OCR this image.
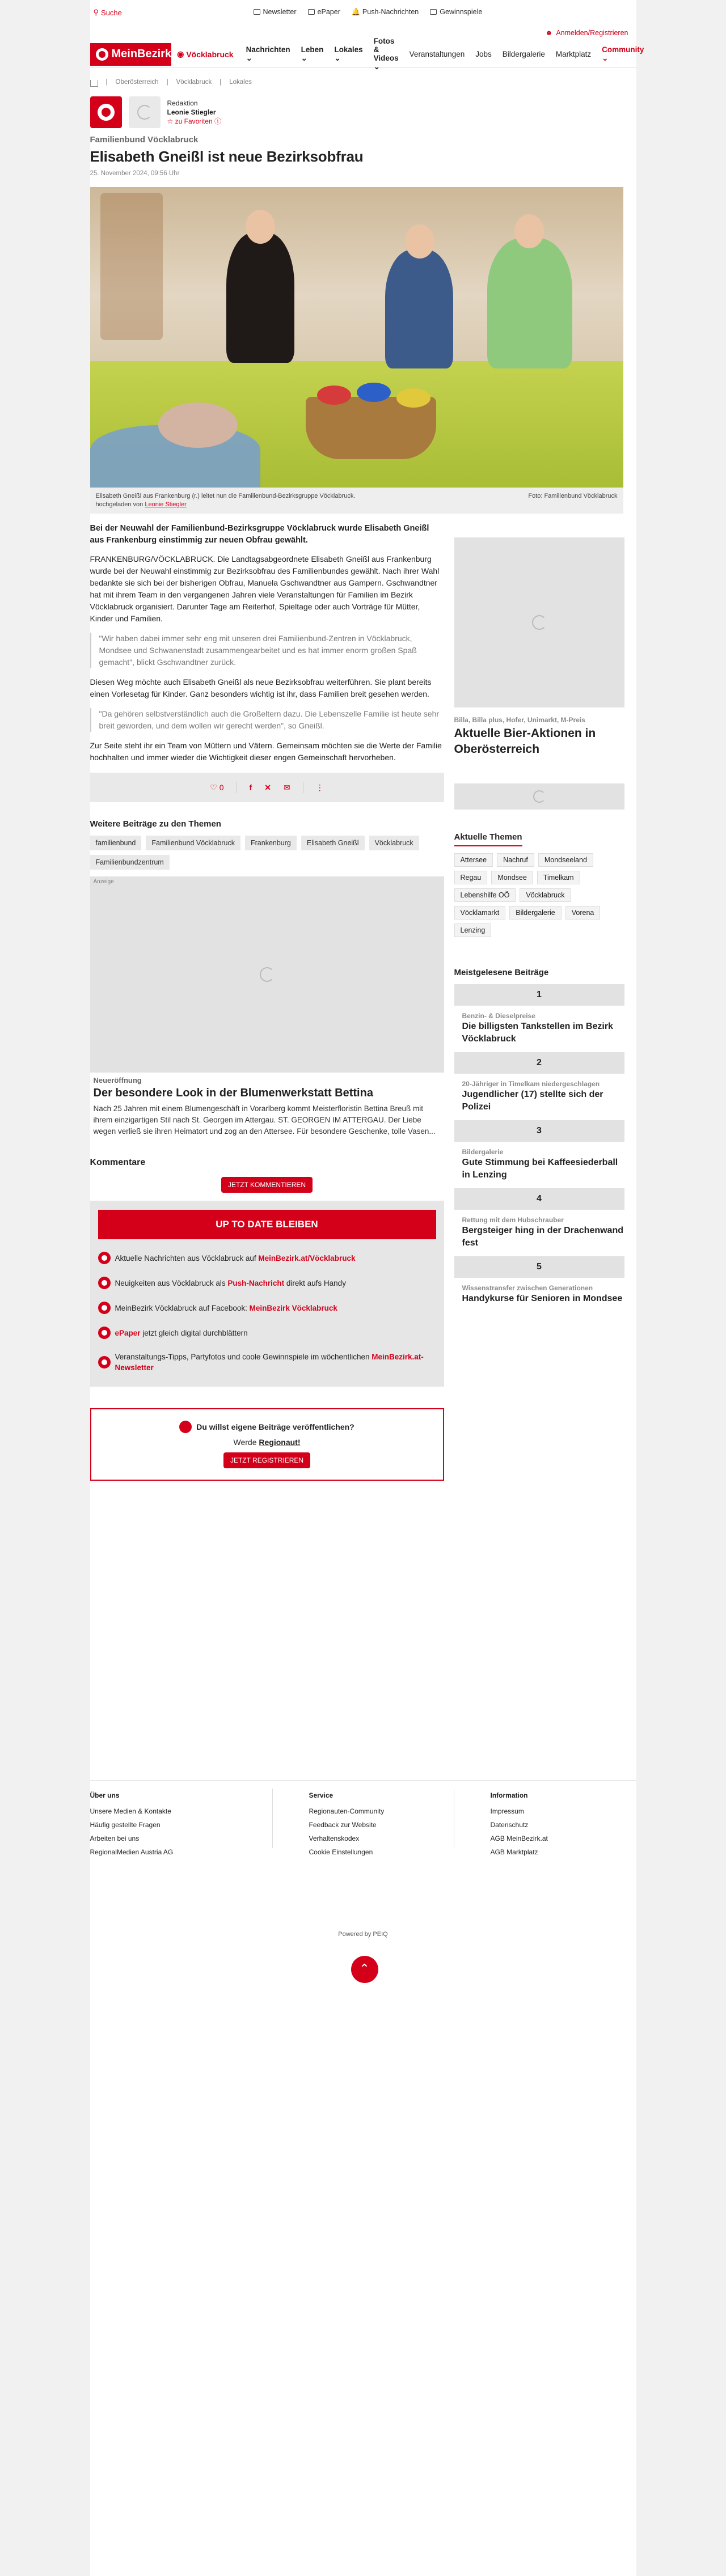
⚲ Suche	Newsletter	ePaper 🔔 Push-Nachrichten	Gewinnspiele
☻ Anmelden/Registrieren
MeinBezirk ◉ Vöcklabruck Nachrichten ⌄
Leben ⌄
Lokales ⌄
Fotos & Videos ⌄
Veranstaltungen Jobs Bildergalerie Marktplatz
Community ⌄
| Oberösterreich | Vöcklabruck | Lokales
Redaktion
Leonie Stiegler
☆ zu Favoriten ⓘ
Familienbund Vöcklabruck
Elisabeth Gneißl ist neue Bezirksobfrau
25. November 2024, 09:56 Uhr
Elisabeth Gneißl aus Frankenburg (r.) leitet nun die Familienbund-Bezirksgruppe Vöcklabruck.
hochgeladen von Leonie Stiegler
Foto: Familienbund Vöcklabruck

Bei der Neuwahl der Familienbund-Bezirksgruppe Vöcklabruck wurde Elisabeth Gneißl aus Frankenburg einstimmig zur neuen Obfrau gewählt.

FRANKENBURG/VÖCKLABRUCK. Die Landtagsabgeordnete Elisabeth Gneißl aus Frankenburg wurde bei der Neuwahl einstimmig zur Bezirksobfrau des Familienbundes gewählt. Nach ihrer Wahl bedankte sie sich bei der bisherigen Obfrau, Manuela Gschwandtner aus Gampern. Gschwandtner hat mit ihrem Team in den vergangenen Jahren viele Veranstaltungen für Familien im Bezirk Vöcklabruck organisiert. Darunter Tage am Reiterhof, Spieltage oder auch Vorträge für Mütter, Kinder und Familien.

"Wir haben dabei immer sehr eng mit unseren drei Familienbund-Zentren in Vöcklabruck, Mondsee und Schwanenstadt zusammengearbeitet und es hat immer enorm großen Spaß gemacht", blickt Gschwandtner zurück.

Diesen Weg möchte auch Elisabeth Gneißl als neue Bezirksobfrau weiterführen. Sie plant bereits einen Vorlesetag für Kinder. Ganz besonders wichtig ist ihr, dass Familien breit gesehen werden.

"Da gehören selbstverständlich auch die Großeltern dazu. Die Lebenszelle Familie ist heute sehr breit geworden, und dem wollen wir gerecht werden", so Gneißl.

Zur Seite steht ihr ein Team von Müttern und Vätern. Gemeinsam möchten sie die Werte der Familie hochhalten und immer wieder die Wichtigkeit dieser engen Gemeinschaft hervorheben.

♡ 0	f ✕ ✉	⋮
Weitere Beiträge zu den Themen
familienbund	Familienbund Vöcklabruck	Frankenburg	Elisabeth Gneißl	Vöcklabruck
Familienbundzentrum
Anzeige
Neueröffnung
Der besondere Look in der Blumenwerkstatt Bettina
Nach 25 Jahren mit einem Blumengeschäft in Vorarlberg kommt Meisterfloristin Bettina Breuß mit ihrem einzigartigen Stil nach St. Georgen im Attergau. ST. GEORGEN IM ATTERGAU. Der Liebe wegen verließ sie ihren Heimatort und zog an den Attersee. Für besondere Geschenke, tolle Vasen...
Kommentare
JETZT KOMMENTIEREN
UP TO DATE BLEIBEN
Aktuelle Nachrichten aus Vöcklabruck auf MeinBezirk.at/Vöcklabruck
Neuigkeiten aus Vöcklabruck als Push-Nachricht direkt aufs Handy
MeinBezirk Vöcklabruck auf Facebook: MeinBezirk Vöcklabruck
ePaper jetzt gleich digital durchblättern
Veranstaltungs-Tipps, Partyfotos und coole Gewinnspiele im wöchentlichen MeinBezirk.at-Newsletter
Du willst eigene Beiträge veröffentlichen?
Werde Regionaut!
JETZT REGISTRIEREN
Billa, Billa plus, Hofer, Unimarkt, M-Preis
Aktuelle Bier-Aktionen in Oberösterreich
Aktuelle Themen
Attersee	Nachruf	Mondseeland
Regau	Mondsee	Timelkam
Lebenshilfe OÖ	Vöcklabruck
Vöcklamarkt	Bildergalerie	Vorena
Lenzing
Meistgelesene Beiträge
1
Benzin- & Dieselpreise
Die billigsten Tankstellen im Bezirk Vöcklabruck
2
20-Jähriger in Timelkam niedergeschlagen
Jugendlicher (17) stellte sich der Polizei
3
Bildergalerie
Gute Stimmung bei Kaffeesiederball in Lenzing
4
Rettung mit dem Hubschrauber
Bergsteiger hing in der Drachenwand fest
5
Wissenstransfer zwischen Generationen
Handykurse für Senioren in Mondsee
Über uns
Unsere Medien & Kontakte
Häufig gestellte Fragen
Arbeiten bei uns
RegionalMedien Austria AG
Service
Regionauten-Community
Feedback zur Website
Verhaltenskodex
Cookie Einstellungen
Information
Impressum
Datenschutz
AGB MeinBezirk.at
AGB Marktplatz
Powered by PEIQ
⌃
